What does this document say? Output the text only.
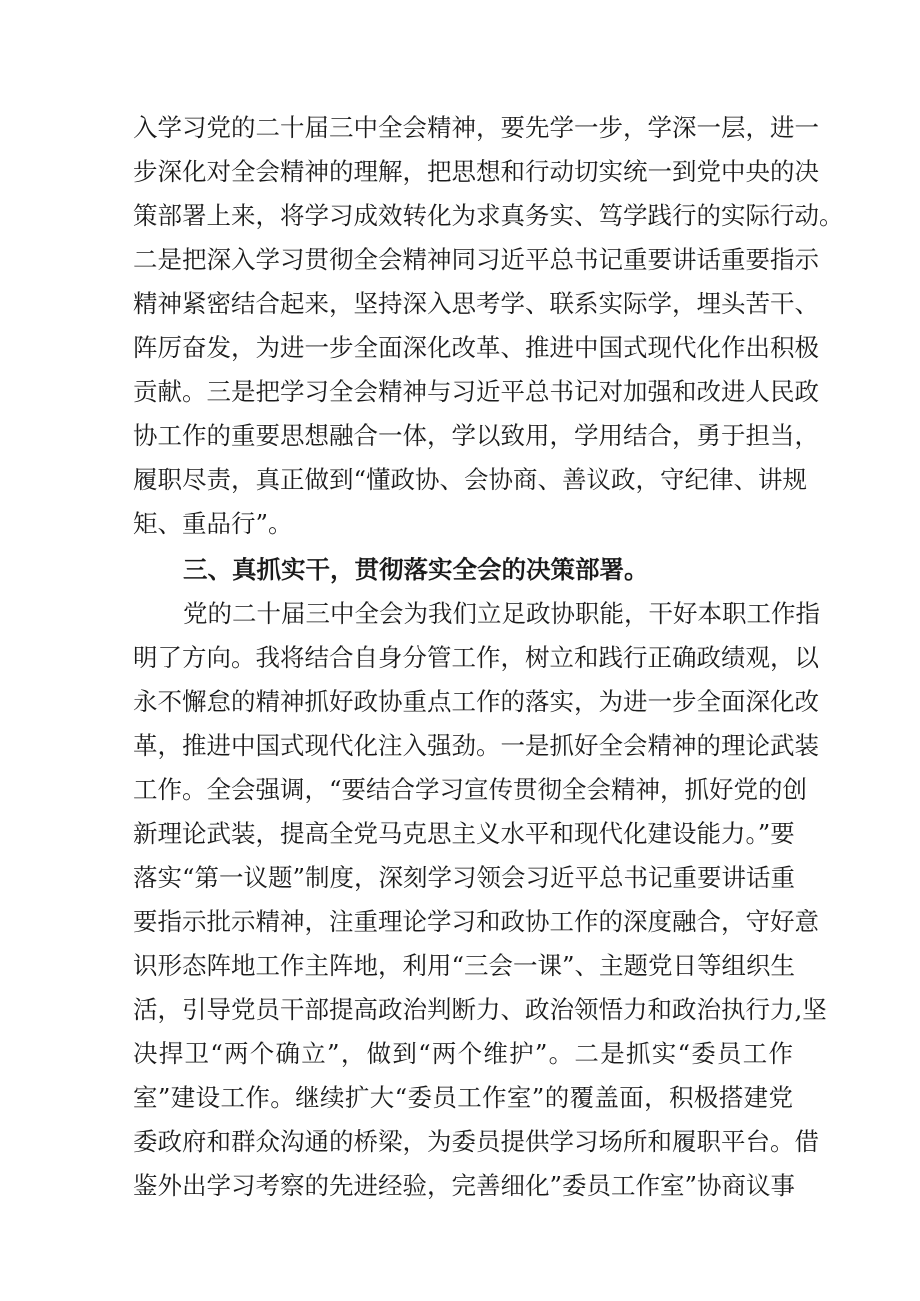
入学习党的二十届三中全会精神，要先学一步，学深一层，进一
步深化对全会精神的理解，把思想和行动切实统一到党中央的决
策部署上来，将学习成效转化为求真务实、笃学践行的实际行动。
二是把深入学习贯彻全会精神同习近平总书记重要讲话重要指示
精神紧密结合起来，坚持深入思考学、联系实际学，埋头苦干、
阵厉奋发，为进一步全面深化改革、推进中国式现代化作出积极
贡献。三是把学习全会精神与习近平总书记对加强和改进人民政
协工作的重要思想融合一体，学以致用，学用结合，勇于担当，
履职尽责，真正做到“懂政协、会协商、善议政，守纪律、讲规
矩、重品行”。
三、真抓实干，贯彻落实全会的决策部署。
党的二十届三中全会为我们立足政协职能，干好本职工作指
明了方向。我将结合自身分管工作，树立和践行正确政绩观，以
永不懈怠的精神抓好政协重点工作的落实，为进一步全面深化改
革，推进中国式现代化注入强劲。一是抓好全会精神的理论武装
工作。全会强调，“要结合学习宣传贯彻全会精神，抓好党的创
新理论武装，提高全党马克思主义水平和现代化建设能力。”要
落实“第一议题”制度，深刻学习领会习近平总书记重要讲话重
要指示批示精神，注重理论学习和政协工作的深度融合，守好意
识形态阵地工作主阵地，利用“三会一课”、主题党日等组织生
活，引导党员干部提高政治判断力、政治领悟力和政治执行力,坚
决捍卫“两个确立”，做到“两个维护”。二是抓实“委员工作
室”建设工作。继续扩大“委员工作室”的覆盖面，积极搭建党
委政府和群众沟通的桥梁，为委员提供学习场所和履职平台。借
鉴外出学习考察的先进经验，完善细化”委员工作室”协商议事
